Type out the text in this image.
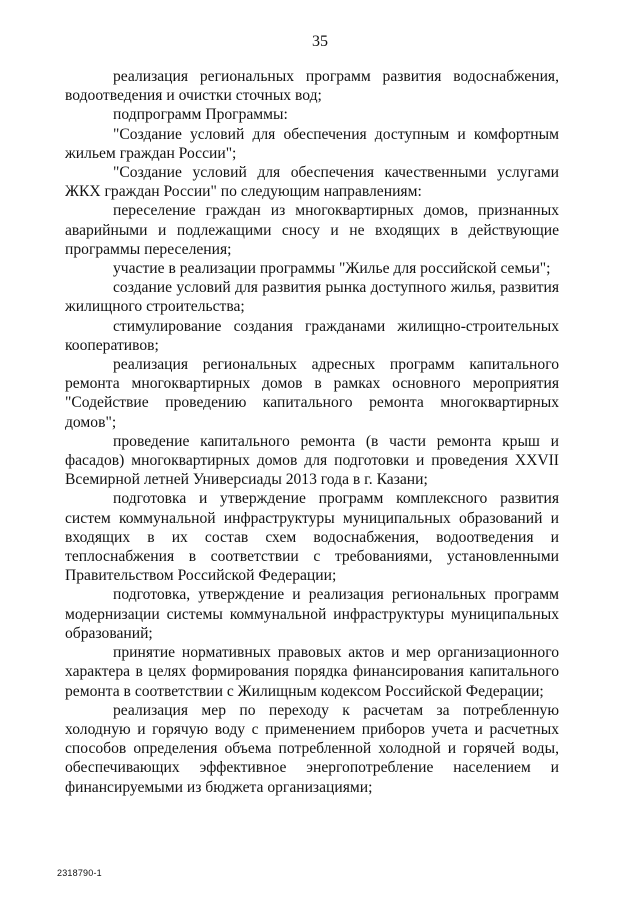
35

реализация региональных программ развития водоснабжения, водоотведения и очистки сточных вод;

подпрограмм Программы:

"Создание условий для обеспечения доступным и комфортным жильем граждан России";

"Создание условий для обеспечения качественными услугами ЖКХ граждан России" по следующим направлениям:

переселение граждан из многоквартирных домов, признанных аварийными и подлежащими сносу и не входящих в действующие программы переселения;

участие в реализации программы "Жилье для российской семьи";

создание условий для развития рынка доступного жилья, развития жилищного строительства;

стимулирование создания гражданами жилищно-строительных кооперативов;

реализация региональных адресных программ капитального ремонта многоквартирных домов в рамках основного мероприятия "Содействие проведению капитального ремонта многоквартирных домов";

проведение капитального ремонта (в части ремонта крыш и фасадов) многоквартирных домов для подготовки и проведения XXVII Всемирной летней Универсиады 2013 года в г. Казани;

подготовка и утверждение программ комплексного развития систем коммунальной инфраструктуры муниципальных образований и входящих в их состав схем водоснабжения, водоотведения и теплоснабжения в соответствии с требованиями, установленными Правительством Российской Федерации;

подготовка, утверждение и реализация региональных программ модернизации системы коммунальной инфраструктуры муниципальных образований;

принятие нормативных правовых актов и мер организационного характера в целях формирования порядка финансирования капитального ремонта в соответствии с Жилищным кодексом Российской Федерации;

реализация мер по переходу к расчетам за потребленную холодную и горячую воду с применением приборов учета и расчетных способов определения объема потребленной холодной и горячей воды, обеспечивающих эффективное энергопотребление населением и финансируемыми из бюджета организациями;

2318790-1
